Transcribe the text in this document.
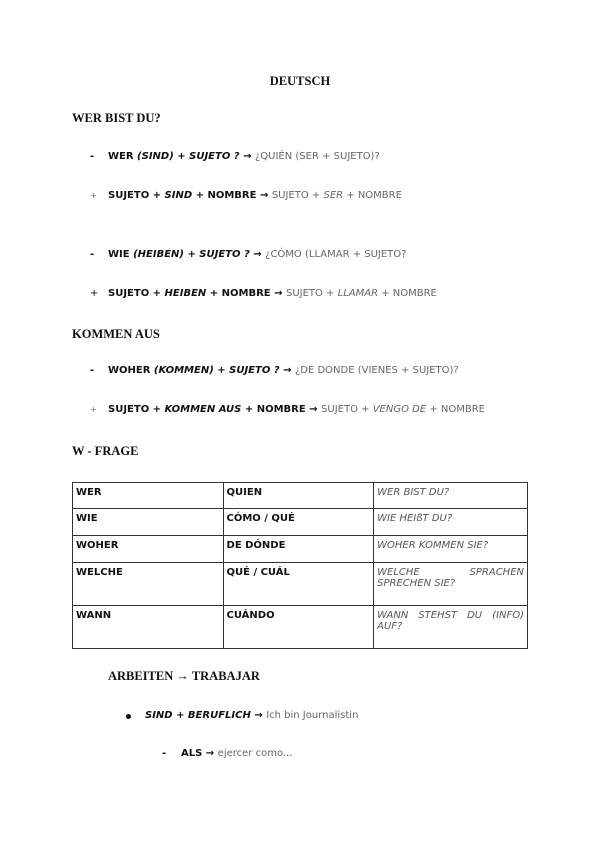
DEUTSCH
WER BIST DU?
KOMMEN AUS
W - FRAGE
ARBEITEN → TRABAJAR
- WER (SIND) + SUJETO ? → ¿QUIÉN (SER + SUJETO)?
+ SUJETO + SIND + NOMBRE → SUJETO + SER + NOMBRE
- WIE (HEIBEN) + SUJETO ? → ¿CÓMO (LLAMAR + SUJETO?
+ SUJETO + HEIBEN + NOMBRE → SUJETO + LLAMAR + NOMBRE
- WOHER (KOMMEN) + SUJETO ? → ¿DE DONDE (VIENES + SUJETO)?
+ SUJETO + KOMMEN AUS + NOMBRE → SUJETO + VENGO DE + NOMBRE
WER	QUIEN	WER BIST DU?
WIE	CÓMO / QUÉ	WIE HEIßT DU?
WOHER	DE DÓNDE	WOHER KOMMEN SIE?
WELCHE	QUÉ / CUÁL	WELCHE SPRACHEN SPRECHEN SIE?
WANN	CUÁNDO	WANN STEHST DU (INFO) AUF?
SIND + BERUFLICH → Ich bin Journalistin
- ALS → ejercer como...
